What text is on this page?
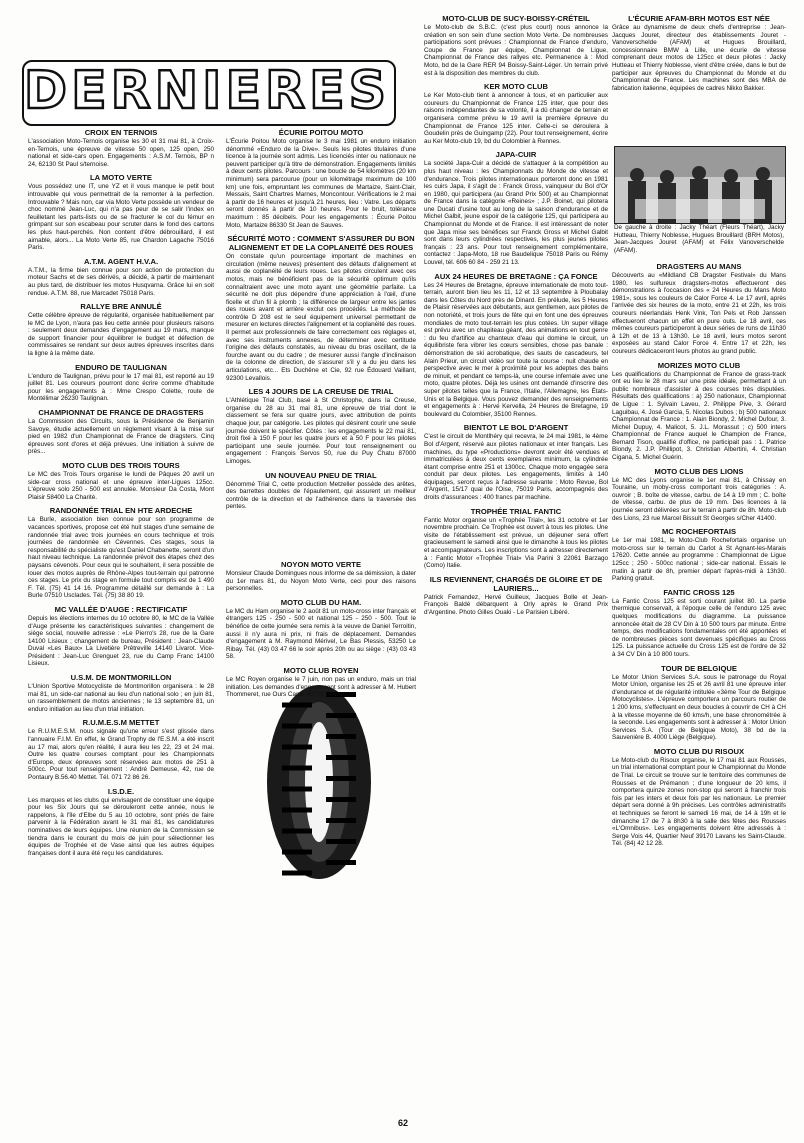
DERNIERES
CROIX EN TERNOIS

L'association Moto-Ternois organise les 30 et 31 mai 81, à Croix-en-Ternois, une épreuve de vitesse 50 open, 125 open, 250 national et side-cars open. Engagements : A.S.M. Ternois, BP n 24, 62130 St Paul s/ternoise.

LA MOTO VERTE

Vous possédez une IT, une YZ et il vous manque le petit bout introuvable qui vous permettrait de la remonter à la perfection. Introuvable ? Mais non, car via Moto Verte possède un vendeur de choc nommé Jean-Luc, qui n'a pas peur de se salir l'index en feuilletant les parts-lists ou de se fracturer le col du fémur en grimpant sur son escabeau pour scruter dans le fond des cartons les plus haut-perchés. Non content d'être débrouillard, il est aimable, alors... La Moto Verte 85, rue Chardon Lagache 75016 Paris.

A.T.M. AGENT H.V.A.

A.T.M., la firme bien connue pour son action de protection du moteur Sachs et de ses dérivés, a décidé, à partir de maintenant au plus tard, de distribuer les motos Husqvarna. Grâce lui en soit rendue. A.T.M. 88, rue Marcadet 75018 Paris.

RALLYE BRE ANNULÉ

Cette célèbre épreuve de régularité, organisée habituellement par le MC de Lyon, n'aura pas lieu cette année pour plusieurs raisons : seulement deux demandes d'engagement au 19 mars, manque de support financier pour équilibrer le budget et défection de commissaires se rendant sur deux autres épreuves inscrites dans la ligne à la même date.

ENDURO DE TAULIGNAN

L'enduro de Taulignan, prévu pour le 17 mai 81, est reporté au 19 juillet 81. Les coureurs pourront donc écrire comme d'habitude pour les engagements à : Mme Crespo Colette, route de Montélimar 26230 Taulignan.

CHAMPIONNAT DE FRANCE DE DRAGSTERS

La Commission des Circuits, sous la Présidence de Benjamin Savoye, étudie actuellement un règlement visant à la mise sur pied en 1982 d'un Championnat de France de dragsters. Cinq épreuves sont d'ores et déjà prévues. Une initiation à suivre de près...

MOTO CLUB DES TROIS TOURS

Le MC des Trois Tours organise le lundi de Pâques 20 avril un side-car cross national et une épreuve inter-Ligues 125cc. L'épreuve solo 250 - 500 est annulée. Monsieur Da Costa, Mont Plaisir 58400 La Charité.

RANDONNÉE TRIAL EN HTE ARDECHE

La Burle, association bien connue pour son programme de vacances sportives, propose cet été huit stages d'une semaine de randonnée trial avec trois journées en cours technique et trois journées de randonnée en Cévennes. Ces stages, sous la responsabilité du spécialiste qu'est Daniel Chabanette, seront d'un haut niveau technique. La randonnée prévoit des étapes chez des paysans cévenols. Pour ceux qui le souhaitent, il sera possible de louer des motos auprès de Rhône-Alpes tout-terrain qui patronne ces stages. Le prix du stage en formule tout compris est de 1 490 F. Tél. (75) 41 14 16. Programme détaillé sur demande à : La Burle 07510 Usclades. Tél. (75) 38 80 19.

MC VALLÉE D'AUGE : RECTIFICATIF

Depuis les élections internes du 10 octobre 80, le MC de la Vallée d'Auge présente les caractéristiques suivantes : changement de siège social, nouvelle adresse : «Le Pierro's 28, rue de la Gare 14100 Lisieux ; changement de bureau, Président : Jean-Claude Duval «Les Baux» La Livetière Prêtreville 14140 Livarot. Vice-Président : Jean-Luc Grenguet 23, rue du Camp Franc 14100 Lisieux.

U.S.M. DE MONTMORILLON

L'Union Sportive Motocycliste de Montmorillon organisera : le 28 mai 81, un side-car national au lieu d'un national solo ; en juin 81, un rassemblement de motos anciennes ; le 13 septembre 81, un enduro initiation au lieu d'un trial initiation.

R.U.M.E.S.M METTET

Le R.U.M.E.S.M. nous signale qu'une erreur s'est glissée dans l'annuaire F.I.M. En effet, le Grand Trophy de l'E.S.M. a été inscrit au 17 mai, alors qu'en réalité, il aura lieu les 22, 23 et 24 mai. Outre les quatre courses comptant pour les Championnats d'Europe, deux épreuves sont réservées aux motos de 251 à 500cc. Pour tout renseignement : André Demeuse, 42, rue de Pontaury B.56.40 Mettet. Tél. 071 72 86 26.

I.S.D.E.

Les marques et les clubs qui envisagent de constituer une équipe pour les Six Jours qui se dérouleront cette année, nous le rappelons, à l'île d'Elbe du 5 au 10 octobre, sont priés de faire parvenir à la Fédération avant le 31 mai 81, les candidatures nominatives de leurs équipes. Une réunion de la Commission se tiendra dans le courant du mois de juin pour sélectionner les équipes de Trophée et de Vase ainsi que les autres équipes françaises dont il aura été reçu les candidatures.

ÉCURIE POITOU MOTO

L'Écurie Poitou Moto organise le 3 mai 1981 un enduro initiation dénommé «Enduro de la Dive». Seuls les pilotes titulaires d'une licence à la journée sont admis. Les licenciés inter ou nationaux ne peuvent participer qu'à titre de démonstration. Engagements limités à deux cents pilotes. Parcours : une boucle de 54 kilomètres (20 km minimum) sera parcourue (pour un kilométrage maximum de 100 km) une fois, empruntant les communes de Martaize, Saint-Clair, Messais, Saint Chartres Marnes, Moncontour. Vérifications le 2 mai à partir de 16 heures et jusqu'à 21 heures, lieu : Vatre. Les départs seront donnés à partir de 10 heures. Pour le bruit, tolérance maximum : 85 décibels. Pour les engagements : Écurie Poitou Moto, Martaize 86330 St Jean de Sauves.

SÉCURITÉ MOTO : COMMENT S'ASSURER DU BON ALIGNEMENT ET DE LA COPLANEITÉ DES ROUES

On constate qu'un pourcentage important de machines en circulation (même neuves) présentent des défauts d'alignement et aussi de coplanéité de leurs roues. Les pilotes circulent avec ces motos, mais ne bénéficient pas de la sécurité optimum qu'ils connaîtraient avec une moto ayant une géométrie parfaite. La sécurité ne doit plus dépendre d'une appréciation à l'œil, d'une ficelle et d'un fil à plomb ; la différence de largeur entre les jantes des roues avant et arrière exclut ces procédés. La méthode de contrôle D 208 est le seul équipement universel permettant de mesurer en lectures directes l'alignement et la coplanéité des roues. Il permet aux professionnels de faire correctement ces réglages et, avec ses instruments annexes, de déterminer avec certitude l'origine des défauts constatés, au niveau du bras oscillant, de la fourche avant ou du cadre ; de mesurer aussi l'angle d'inclinaison de la colonne de direction, de s'assurer s'il y a du jeu dans les articulations, etc... Ets Duchêne et Cie, 92 rue Édouard Vaillant, 92300 Levallois.

LES 4 JOURS DE LA CREUSE DE TRIAL

L'Athlétique Trial Club, basé à St Christophe, dans la Creuse, organise du 28 au 31 mai 81, une épreuve de trial dont le classement se fera sur quatre jours, avec attribution de points chaque jour, par catégorie. Les pilotes qui désirent courir une seule journée doivent le spécifier. Côtés : les engagements le 22 mai 81, droit fixé à 150 F pour les quatre jours et à 50 F pour les pilotes participant une seule journée. Pour tout renseignement ou engagement : François Servos 50, rue du Puy Chatu 87000 Limoges.

UN NOUVEAU PNEU DE TRIAL

Dénommé Trial C, cette production Metzeller possède des arêtes, des barrettes doubles de l'épaulement, qui assurent un meilleur contrôle de la direction et de l'adhérence dans la traversée des pentes.

NOYON MOTO VERTE

Monsieur Claude Domingues nous informe de sa démission, à dater du 1er mars 81, du Noyon Moto Verte, ceci pour des raisons personnelles.

MOTO CLUB DU HAM.

Le MC du Ham organise le 2 août 81 un moto-cross inter français et étrangers 125 - 250 - 500 et national 125 - 250 - 500. Tout le bénéfice de cette journée sera remis à la veuve de Daniel Terroitin, aussi il n'y aura ni prix, ni frais de déplacement. Demandes d'engagement à M. Raymond Mérivel, Le Bas Plessis, 53250 Le Ribay. Tél. (43) 03 47 66 le soir après 20h ou au siège : (43) 03 43 58.

MOTO CLUB ROYEN

Le MC Royen organise le 7 juin, non pas un enduro, mais un trial initiation. Les demandes d'engagement sont à adresser à M. Hubert Thommeret, rue Ours Camp 80700 Roye.

MOTO-CLUB DE SUCY-BOISSY-CRÉTEIL

Le Moto-club de S.B.C. (c'est plus court) nous annonce la création en son sein d'une section Moto Verte. De nombreuses participations sont prévues : Championnat de France d'enduro, Coupe de France par équipe, Championnat de Ligue, Championnat de France des rallyes etc. Permanence à : Mod Moto, bd de la Gare RER 94 Boissy-Saint-Léger. Un terrain privé est à la disposition des membres du club.

KER MOTO CLUB

Le Ker Moto-club tient à annoncer à tous, et en particulier aux coureurs du Championnat de France 125 inter, que pour des raisons indépendantes de sa volonté, il a dû changer de terrain et organisera comme prévu le 19 avril la première épreuve du Championnat de France 125 inter. Celle-ci se déroulera à Goudelin près de Guingamp (22). Pour tout renseignement, écrire au Ker Moto-club 19, bd du Colombier à Rennes.

JAPA-CUIR

La société Japa-Cuir a décidé de s'attaquer à la compétition au plus haut niveau : les Championnats du Monde de vitesse et d'endurance. Trois pilotes internationaux porteront donc en 1981 les cuirs Japa, il s'agit de : Franck Gross, vainqueur du Bol d'Or en 1980, qui participera (au Grand Prix 500) et au Championnat de France dans la catégorie «Reines» ; J.P. Boinet, qui pilotera une Ducati d'usine tout au long de la saison d'endurance et de Michel Galbit, jeune espoir de la catégorie 125, qui participera au Championnat du Monde et de France. Il est intéressant de noter que Japa mise ses bénéfices sur Franck Gross et Michel Galbit sont dans leurs cylindrées respectives, les plus jeunes pilotes français : 23 ans. Pour tout renseignement complémentaire, contactez : Japa-Moto, 18 rue Baudelique 75018 Paris ou Rémy Louvel, tél. 606 60 84 - 259 21 13.

AUX 24 HEURES DE BRETAGNE : ÇA FONCE

Les 24 Heures de Bretagne, épreuve internationale de moto tout-terrain, auront bien lieu les 11, 12 et 13 septembre à Ploubalay dans les Côtes du Nord près de Dinard. En prélude, les 5 Heures de Plaisir réservées aux débutants, aux gentlemen, aux pilotes de non notoriété, et trois jours de fête qui en font une des épreuves mondiales de moto tout-terrain les plus cotées. Un super village est prévu avec un chapiteau géant, des animations en tout genre : du feu d'artifice au chanteux d'eau qui domine le circuit, un équilibriste fera vibrer les cœurs sensibles, chose pas banale : démonstration de ski acrobatique, des sauts de cascadeurs, tel Alain Prieur, un circuit vidéo sur toute la course : nuit chaude en perspective avec le mer à proximité pour les adeptes des bains de minuit, et pendant ce temps-là, une course infernale avec une moto, quatre pilotes. Déjà les usines ont demandé d'inscrire des super pilotes telles que la France, l'Italie, l'Allemagne, les États-Unis et la Belgique. Vous pouvez demander des renseignements et engagements à : Hervé Kervella, 24 Heures de Bretagne, 19 boulevard du Colombier, 35100 Rennes.

BIENTOT LE BOL D'ARGENT

C'est le circuit de Montlhéry qui recevra, le 24 mai 1981, le 4ème Bol d'Argent, réservé aux pilotes nationaux et inter français. Les machines, du type «Productions» devront avoir été vendues et immatriculées à deux cents exemplaires minimum, la cylindrée étant comprise entre 251 et 1300cc. Chaque moto engagée sera conduit par deux pilotes. Les engagements, limités à 140 équipages, seront reçus à l'adresse suivante : Moto Revue, Bol d'Argent, 15/17 quai de l'Oise, 75019 Paris, accompagnés des droits d'assurances : 400 francs par machine.

TROPHÉE TRIAL FANTIC

Fantic Motor organise un «Trophée Trial», les 31 octobre et 1er novembre prochain. Ce Trophée est ouvert à tous les pilotes. Une visite de l'établissement est prévue, un déjeuner sera offert gracieusement le samedi ainsi que le dimanche à tous les pilotes et accompagnateurs. Les inscriptions sont à adresser directement à : Fantic Motor «Trophée Trial» Via Parini 3 22061 Barzago (Como) Italie.

ILS REVIENNENT, CHARGÉS DE GLOIRE ET DE LAURIERS...

Patrick Fernandez, Hervé Guilleux, Jacques Bolle et Jean-François Baldé débarquent à Orly après le Grand Prix d'Argentine. Photo Gilles Ouaki - Le Parisien Libéré.

L'ÉCURIE AFAM-BRH MOTOS EST NÉE

Grâce au dynamisme de deux chefs d'entreprise : Jean-Jacques Jouret, directeur des établissements Jouret - Vanoverschelde (AFAM) et Hugues Brouillard, concessionnaire BMW à Lille, une écurie de vitesse comprenant deux motos de 125cc et deux pilotes : Jacky Hutteau et Thierry Noblesse, vient d'être créée, dans le but de participer aux épreuves du Championnat du Monde et du Championnat de France. Les machines sont des MBA de fabrication italienne, équipées de cadres Nikko Bakker.

De gauche à droite : Jacky Théart (Fleurs Théart), Jacky Hutteau, Thierry Noblesse, Hugues Brouillard (BRH Motos), Jean-Jacques Jouret (AFAM) et Félix Vanoverschelde (AFAM).
DRAGSTERS AU MANS

Découverts au «Mildland CB Dragster Festival» du Mans 1980, les sulfureux dragsters-motos effectueront des démonstrations à l'occasion des « 24 Heures du Mans Moto 1981», sous les couleurs de Calor Force 4. Le 17 avril, après l'arrivée des six heures de la moto, entre 21 et 22h, les trois coureurs néerlandais Henk Vink, Ton Pels et Rob Janssen effectueront chacun un effet en pure outs. Le 18 avril, ces mêmes coureurs participeront à deux séries de runs de 11h30 à 12h et de 13 à 13h30. Le 18 avril, leurs motos seront exposées au stand Calor Force 4. Entre 17 et 22h, les coureurs dédicaceront leurs photos au grand public.

MORIZES MOTO CLUB

Les qualifications du Championnat de France de grass-track ont eu lieu le 28 mars sur une piste idéale, permettant à un public nombreux d'assister à des courses très disputées. Résultats des qualifications : a) 250 nationaux, Championnat de Ligue : 1. Sylvain Laveu, 2. Philippe Pive, 3. Gérard Laguibau, 4. José Garcia, 5. Nicolas Dubos ; b) 500 nationaux Championnat de France : 1. Alain Biondy, 2. Michel Dufour, 3. Michel Dupuy, 4. Malicot, 5. J.L. Morassut ; c) 500 inters Championnat de France auquel le Champion de France, Bernard Tison, qualifié d'office, ne participait pas : 1. Patrice Biondy, 2. J.P. Phillipot, 3. Christian Albertini, 4. Christian Cigana, 5. Michel Guérin.

MOTO CLUB DES LIONS

Le MC des Lyons organise le 1er mai 81, à Chissay en Touraine, un moby-cross comportant trois catégories : A. ouvroir ; B. boîte de vitesse, carbu. de 14 à 19 mm ; C. boîte de vitesse, carbu. de plus de 19 mm. Des licences à la journée seront délivrées sur le terrain à partir de 8h. Moto-club des Lions, 23 rue Marcel Bissult St Georges s/Cher 41400.

MC ROCHEFORTAIS

Le 1er mai 1981, le Moto-Club Rochefortais organise un moto-cross sur le terrain du Carlot à St Agnant-les-Marais 17620. Cette année au programme : Championnat de Ligue 125cc ; 250 - 500cc national ; side-car national. Essais le matin à partir de 8h, premier départ l'après-midi à 13h30. Parking gratuit.

FANTIC CROSS 125

La Fantic Cross 125 est sorti courant juillet 80. La partie thermique conservait, à l'époque celle de l'enduro 125 avec quelques modifications du diagramme. La puissance annoncée était de 28 CV Din à 10 500 tours par minute. Entre temps, des modifications fondamentales ont été apportées et de nombreuses pièces sont devenues spécifiques au Cross 125. La puissance actuelle du Cross 125 est de l'ordre de 32 à 34 CV Din à 10 800 tours.

TOUR DE BELGIQUE

Le Motor Union Services S.A. sous le patronage du Royal Motor Union, organise les 25 et 26 avril 81 une épreuve inter d'endurance et de régularité intitulée «3ème Tour de Belgique Motocyclistes». L'épreuve comportera un parcours routier de 1 200 kms, s'effectuant en deux boucles à couvrir de CH à CH à la vitesse moyenne de 60 kms/h, une base chronométrée à la seconde. Les engagements sont à adresser à : Motor Union Services S.A. (Tour de Belgique Moto), 38 bd de la Sauvenière B. 4000 Liège (Belgique).

MOTO CLUB DU RISOUX

Le Moto-club du Risoux organise, le 17 mai 81 aux Rousses, un trial international comptant pour le Championnat du Monde de Trial. Le circuit se trouve sur le territoire des communes de Rousses et de Prémanon ; d'une longueur de 20 kms, il comportera quinze zones non-stop qui seront à franchir trois fois par les inters et deux fois par les nationaux. Le premier départ sera donné à 9h précises. Les contrôles administratifs et techniques se feront le samedi 16 mai, de 14 à 19h et le dimanche 17 de 7 à 8h30 à la salle des fêtes des Rousses «L'Omnibus». Les engagements doivent être adressés à : Serge Vois 44, Quartier Neuf 39170 Lavans les Saint-Claude. Tél. (84) 42 12 28.

62
